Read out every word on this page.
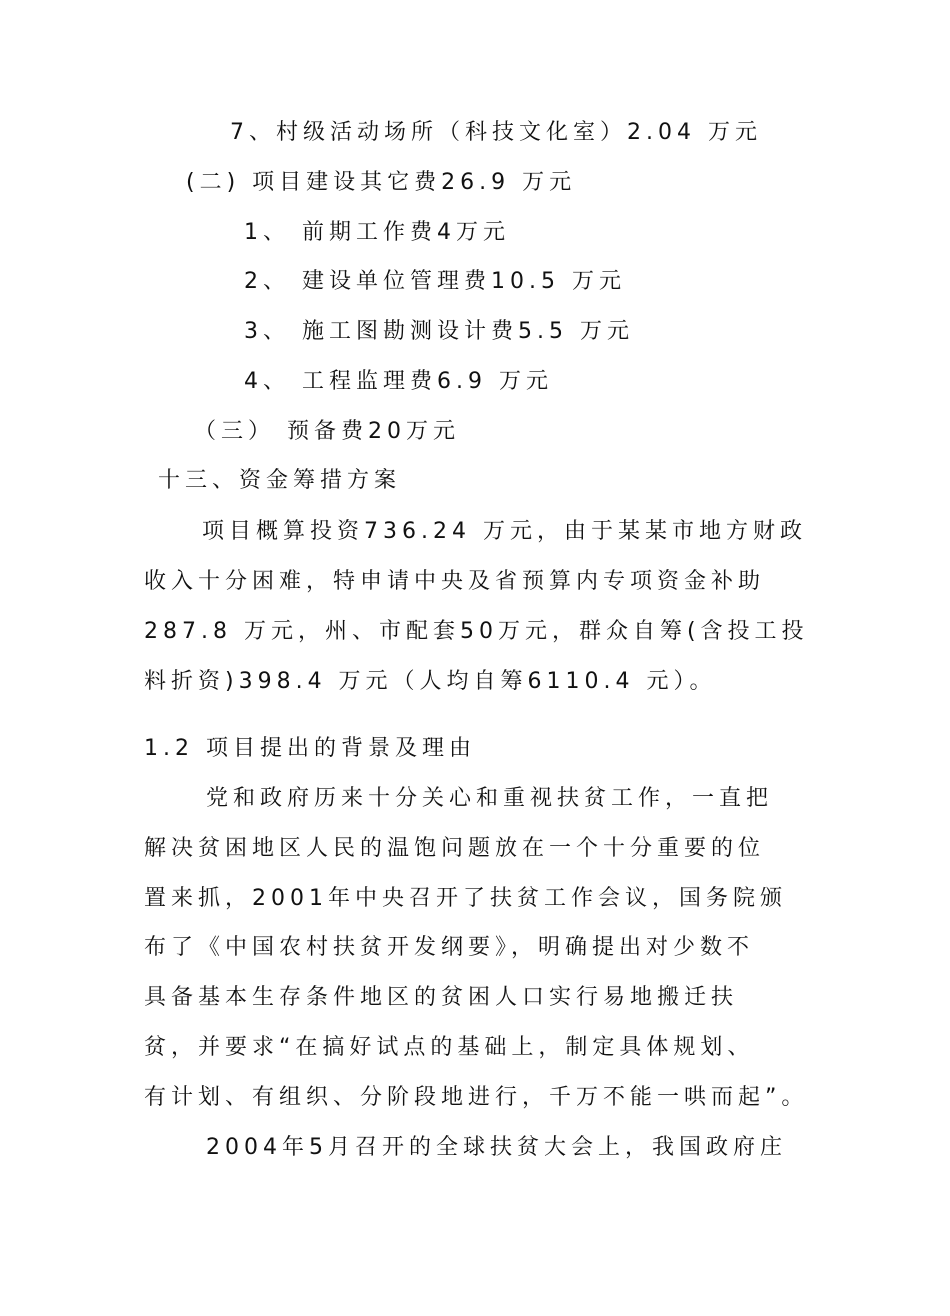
7、村级活动场所（科技文化室）2.04 万元
(二) 项目建设其它费26.9 万元
1、 前期工作费4万元
2、 建设单位管理费10.5 万元
3、 施工图勘测设计费5.5 万元
4、 工程监理费6.9 万元
（三） 预备费20万元
十三、资金筹措方案
项目概算投资736.24 万元，由于某某市地方财政
收入十分困难，特申请中央及省预算内专项资金补助
287.8 万元，州、市配套50万元，群众自筹(含投工投
料折资)398.4 万元（人均自筹6110.4 元）。
1.2 项目提出的背景及理由
党和政府历来十分关心和重视扶贫工作，一直把
解决贫困地区人民的温饱问题放在一个十分重要的位
置来抓，2001年中央召开了扶贫工作会议，国务院颁
布了《中国农村扶贫开发纲要》，明确提出对少数不
具备基本生存条件地区的贫困人口实行易地搬迁扶
贫，并要求“在搞好试点的基础上，制定具体规划、
有计划、有组织、分阶段地进行，千万不能一哄而起”。
2004年5月召开的全球扶贫大会上，我国政府庄
